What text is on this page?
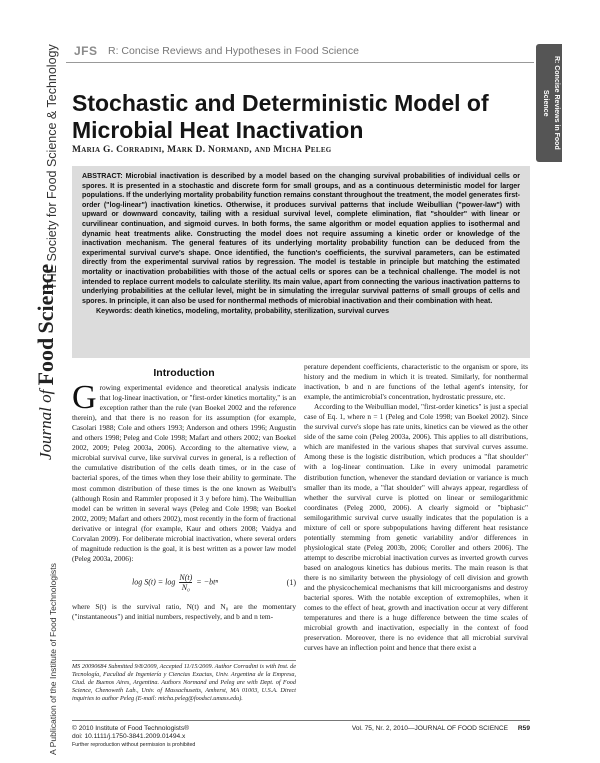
THE Society for Food Science & Technology
Journal of Food Science
A Publication of the Institute of Food Technologists
JFS R: Concise Reviews and Hypotheses in Food Science
R: Concise Reviews in Food Science
Stochastic and Deterministic Model of Microbial Heat Inactivation
Maria G. Corradini, Mark D. Normand, and Micha Peleg
ABSTRACT: Microbial inactivation is described by a model based on the changing survival probabilities of individual cells or spores. It is presented in a stochastic and discrete form for small groups, and as a continuous deterministic model for larger populations. If the underlying mortality probability function remains constant throughout the treatment, the model generates first-order ("log-linear") inactivation kinetics. Otherwise, it produces survival patterns that include Weibullian ("power-law") with upward or downward concavity, tailing with a residual survival level, complete elimination, flat "shoulder" with linear or curvilinear continuation, and sigmoid curves. In both forms, the same algorithm or model equation applies to isothermal and dynamic heat treatments alike. Constructing the model does not require assuming a kinetic order or knowledge of the inactivation mechanism. The general features of its underlying mortality probability function can be deduced from the experimental survival curve's shape. Once identified, the function's coefficients, the survival parameters, can be estimated directly from the experimental survival ratios by regression. The model is testable in principle but matching the estimated mortality or inactivation probabilities with those of the actual cells or spores can be a technical challenge. The model is not intended to replace current models to calculate sterility. Its main value, apart from connecting the various inactivation patterns to underlying probabilities at the cellular level, might be in simulating the irregular survival patterns of small groups of cells and spores. In principle, it can also be used for nonthermal methods of microbial inactivation and their combination with heat.
Keywords: death kinetics, modeling, mortality, probability, sterilization, survival curves
Introduction

Growing experimental evidence and theoretical analysis indicate that log-linear inactivation, or "first-order kinetics mortality," is an exception rather than the rule (van Boekel 2002 and the reference therein), and that there is no reason for its assumption (for example, Casolari 1988; Cole and others 1993; Anderson and others 1996; Augustin and others 1998; Peleg and Cole 1998; Mafart and others 2002; van Boekel 2002, 2009; Peleg 2003a, 2006). According to the alternative view, a microbial survival curve, like survival curves in general, is a reflection of the cumulative distribution of the cells death times, or in the case of bacterial spores, of the times when they lose their ability to germinate. The most common distribution of these times is the one known as Weibull's (although Rosin and Rammler proposed it 3 y before him). The Weibullian model can be written in several ways (Peleg and Cole 1998; van Boekel 2002, 2009; Mafart and others 2002), most recently in the form of fractional derivative or integral (for example, Kaur and others 2008; Vaidya and Corvalan 2009). For deliberate microbial inactivation, where several orders of magnitude reduction is the goal, it is best written as a power law model (Peleg 2003a, 2006):

$\log S(t) = \log \frac{N(t)}{\text{N₀}} = -bt^n$	(1)

where S(t) is the survival ratio, N(t) and N₀ are the momentary ("instantaneous") and initial numbers, respectively, and b and n tem-

MS 20090684 Submitted 9/8/2009, Accepted 11/15/2009. Author Corradini is with Inst. de Tecnología, Facultad de Ingeniería y Ciencias Exactas, Univ. Argentina de la Empresa, Ciud. de Buenos Aires, Argentina. Authors Normand and Peleg are with Dept. of Food Science, Chenoweth Lab., Univ. of Massachusetts, Amherst, MA 01003, U.S.A. Direct inquiries to author Peleg (E-mail: micha.peleg@foodsci.umass.edu).

perature dependent coefficients, characteristic to the organism or spore, its history and the medium in which it is treated. Similarly, for nonthermal inactivation, b and n are functions of the lethal agent's intensity, for example, the antimicrobial's concentration, hydrostatic pressure, etc.

According to the Weibullian model, "first-order kinetics" is just a special case of Eq. 1, where n = 1 (Peleg and Cole 1998; van Boekel 2002). Since the survival curve's slope has rate units, kinetics can be viewed as the other side of the same coin (Peleg 2003a, 2006). This applies to all distributions, which are manifested in the various shapes that survival curves assume. Among these is the logistic distribution, which produces a "flat shoulder" with a log-linear continuation. Like in every unimodal parametric distribution function, whenever the standard deviation or variance is much smaller than its mode, a "flat shoulder" will always appear, regardless of whether the survival curve is plotted on linear or semilogarithmic coordinates (Peleg 2000, 2006). A clearly sigmoid or "biphasic" semilogarithmic survival curve usually indicates that the population is a mixture of cell or spore subpopulations having different heat resistance potentially stemming from genetic variability and/or differences in physiological state (Peleg 2003b, 2006; Coroller and others 2006). The attempt to describe microbial inactivation curves as inverted growth curves based on analogous kinetics has dubious merits. The main reason is that there is no similarity between the physiology of cell division and growth and the physicochemical mechanisms that kill microorganisms and destroy bacterial spores. With the notable exception of extremophiles, when it comes to the effect of heat, growth and inactivation occur at very different temperatures and there is a huge difference between the time scales of microbial growth and inactivation, especially in the context of food preservation. Moreover, there is no evidence that all microbial survival curves have an inflection point and hence that there exist a

© 2010 Institute of Food Technologists®
doi: 10.1111/j.1750-3841.2009.01494.x
Further reproduction without permission is prohibited
Vol. 75, Nr. 2, 2010—JOURNAL OF FOOD SCIENCE R59
